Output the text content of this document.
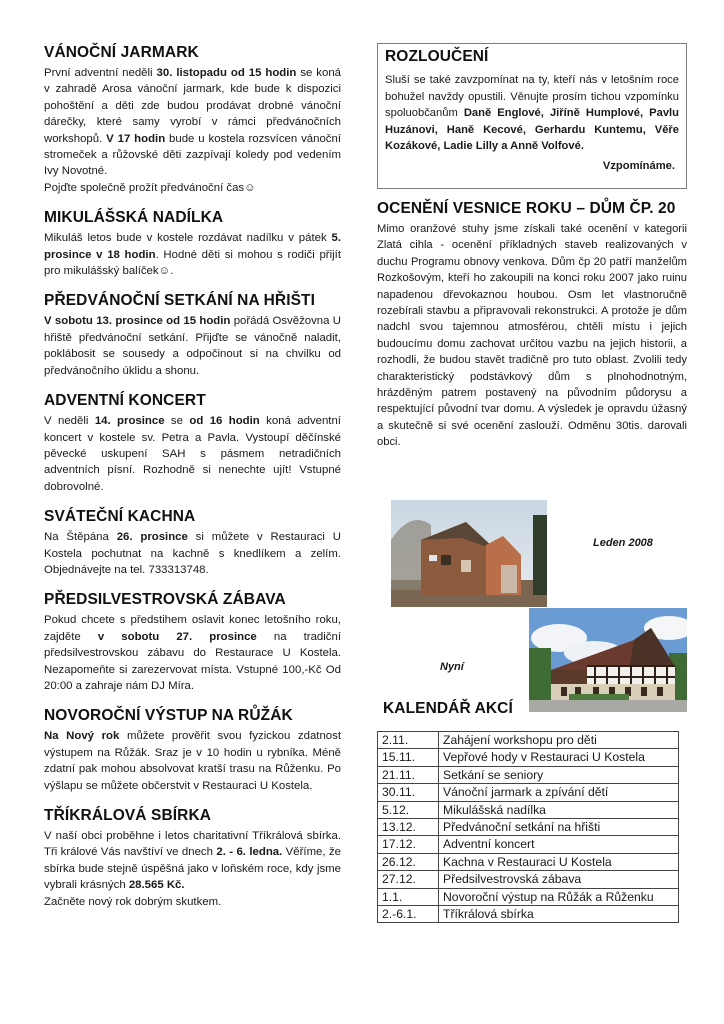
VÁNOČNÍ JARMARK

První adventní neděli 30. listopadu od 15 hodin se koná v zahradě Arosa vánoční jarmark, kde bude k dispozici pohoštění a děti zde budou prodávat drobné vánoční dárečky, které samy vyrobí v rámci předvánočních workshopů. V 17 hodin bude u kostela rozsvícen vánoční stromeček a růžovské děti zazpívají koledy pod vedením Ivy Novotné.

Pojďte společně prožít předvánoční čas☺

MIKULÁŠSKÁ NADÍLKA

Mikuláš letos bude v kostele rozdávat nadílku v pátek 5. prosince v 18 hodin. Hodné děti si mohou s rodiči přijít pro mikulášský balíček☺.

PŘEDVÁNOČNÍ SETKÁNÍ NA HŘIŠTI

V sobotu 13. prosince od 15 hodin pořádá Osvěžovna U hřiště předvánoční setkání. Přijďte se vánočně naladit, poklábosit se sousedy a odpočinout si na chvilku od předvánočního úklidu a shonu.

ADVENTNÍ KONCERT

V neděli 14. prosince se od 16 hodin koná adventní koncert v kostele sv. Petra a Pavla. Vystoupí děčínské pěvecké uskupení SAH s pásmem netradičních adventních písní. Rozhodně si nenechte ujít! Vstupné dobrovolné.

SVÁTEČNÍ KACHNA

Na Štěpána 26. prosince si můžete v Restauraci U Kostela pochutnat na kachně s knedlíkem a zelím. Objednávejte na tel. 733313748.

PŘEDSILVESTROVSKÁ ZÁBAVA

Pokud chcete s předstihem oslavit konec letošního roku, zajděte v sobotu 27. prosince na tradiční předsilvestrovskou zábavu do Restaurace U Kostela. Nezapomeňte si zarezervovat místa. Vstupné 100,-Kč Od 20:00 a zahraje nám DJ Míra.

NOVOROČNÍ VÝSTUP NA RŮŽÁK

Na Nový rok můžete prověřit svou fyzickou zdatnost výstupem na Růžák. Sraz je v 10 hodin u rybníka. Méně zdatní pak mohou absolvovat kratší trasu na Růženku. Po výšlapu se můžete občerstvit v Restauraci U Kostela.

TŘÍKRÁLOVÁ SBÍRKA

V naší obci proběhne i letos charitativní Tříkrálová sbírka. Tři králové Vás navštíví ve dnech 2. - 6. ledna. Věříme, že sbírka bude stejně úspěšná jako v loňském roce, kdy jsme vybrali krásných 28.565 Kč.

Začněte nový rok dobrým skutkem.

ROZLOUČENÍ

Sluší se také zavzpomínat na ty, kteří nás v letošním roce bohužel navždy opustili. Věnujte prosím tichou vzpomínku spoluobčanům Daně Englové, Jiříně Humplové, Pavlu Huzánovi, Haně Kecové, Gerhardu Kuntemu, Věře Kozákové, Ladie Lilly a Anně Volfové.

Vzpomínáme.
OCENĚNÍ VESNICE ROKU – DŮM ČP. 20

Mimo oranžové stuhy jsme získali také ocenění v kategorii Zlatá cihla - ocenění příkladných staveb realizovaných v duchu Programu obnovy venkova. Dům čp 20 patří manželům Rozkošovým, kteří ho zakoupili na konci roku 2007 jako ruinu napadenou dřevokaznou houbou. Osm let vlastnoručně rozebírali stavbu a připravovali rekonstrukci. A protože je dům nadchl svou tajemnou atmosférou, chtěli místu i jejich budoucímu domu zachovat určitou vazbu na jejich historii, a rozhodli, že budou stavět tradičně pro tuto oblast. Zvolili tedy charakteristický podstávkový dům s plnohodnotným, hrázděným patrem postavený na původním půdorysu a respektující původní tvar domu. A výsledek je opravdu úžasný a skutečně si své ocenění zaslouží. Odměnu 30tis. darovali obci.

Leden 2008
Nyní
KALENDÁŘ AKCÍ
2.11.	Zahájení workshopu pro děti
15.11.	Vepřové hody v Restauraci U Kostela
21.11.	Setkání se seniory
30.11.	Vánoční jarmark a zpívání dětí
5.12.	Mikulášská nadílka
13.12.	Předvánoční setkání na hřišti
17.12.	Adventní koncert
26.12.	Kachna v Restauraci U Kostela
27.12.	Předsilvestrovská zábava
1.1.	Novoroční výstup na Růžák a Růženku
2.-6.1.	Tříkrálová sbírka
